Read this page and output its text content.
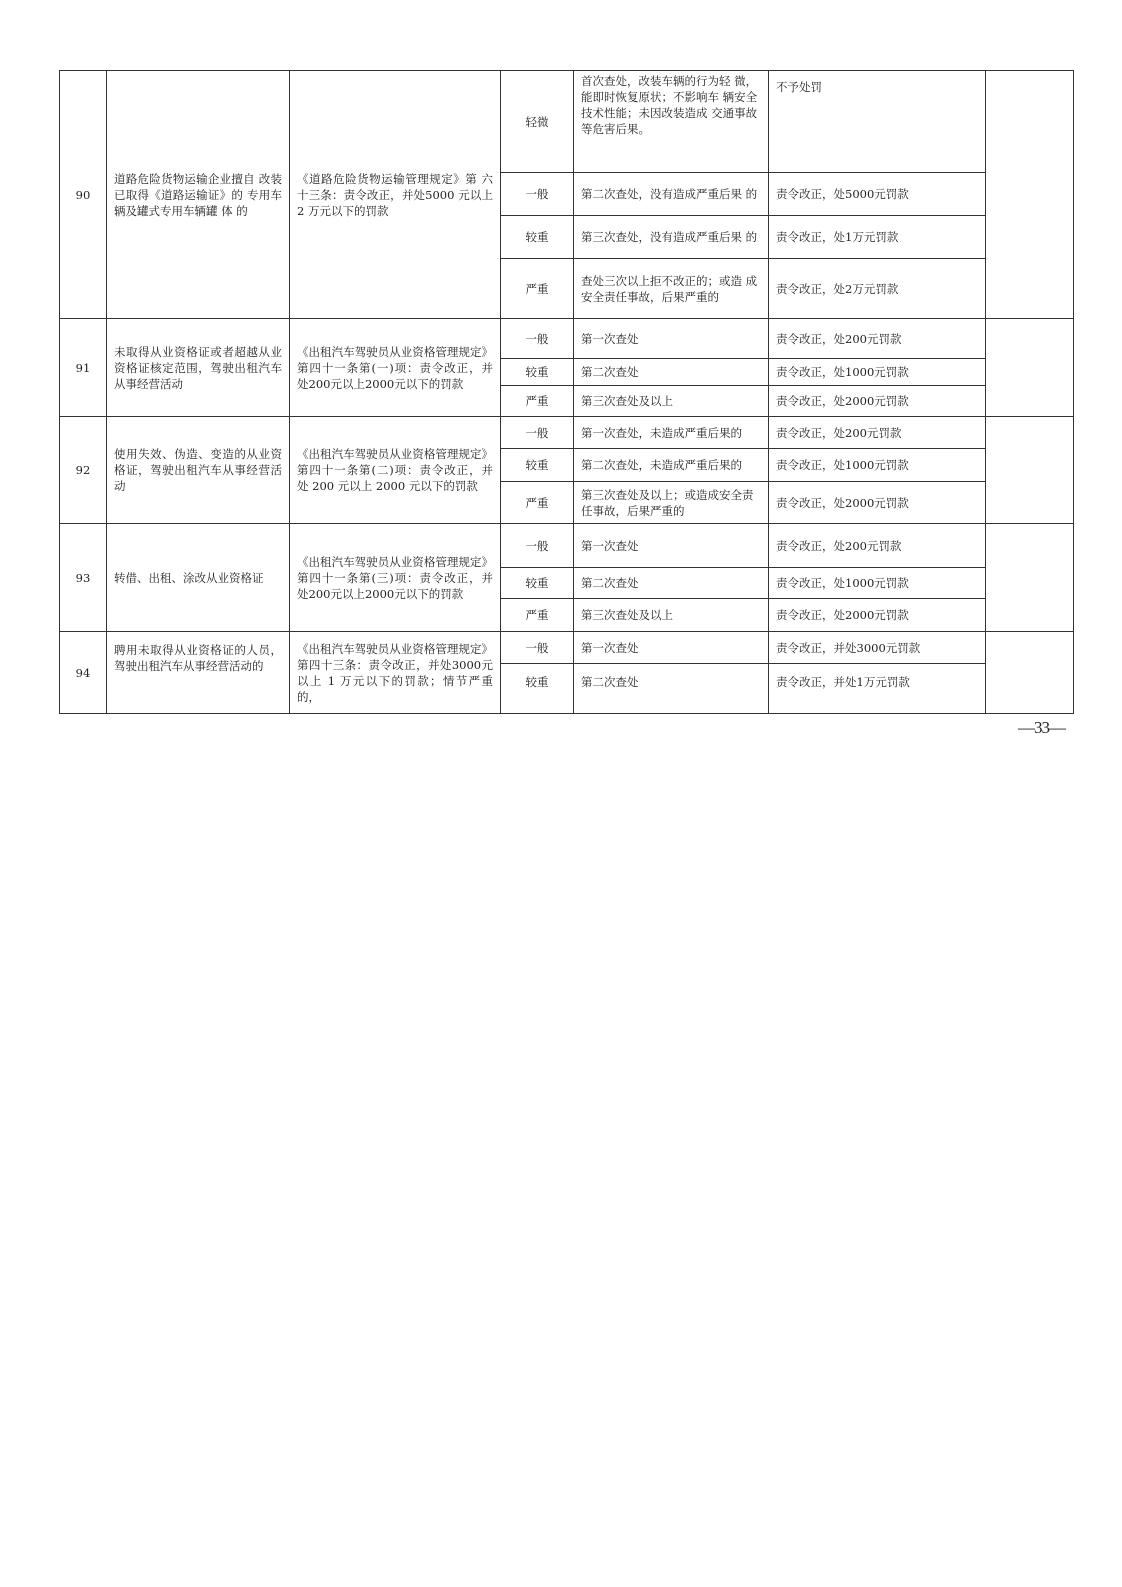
90	道路危险货物运输企业擅自 改装已取得《道路运输证》的 专用车辆及罐式专用车辆罐 体 的	《道路危险货物运输管理规定》第 六十三条：责令改正，并处5000 元以上 2 万元以下的罚款	轻微	首次查处，改装车辆的行为轻 微，能即时恢复原状；不影响车 辆安全技术性能；未因改装造成 交通事故等危害后果。	不予处罚	
			一般	第二次查处，没有造成严重后果 的	责令改正，处5000元罚款	
			较重	第三次查处，没有造成严重后果 的	责令改正，处1万元罚款	
			严重	查处三次以上拒不改正的；或造 成安全责任事故，后果严重的	责令改正，处2万元罚款	
91	未取得从业资格证或者超越从业资格证核定范围，驾驶出租汽车从事经营活动	《出租汽车驾驶员从业资格管理规定》 第四十一条第(一)项：责令改正，并 处200元以上2000元以下的罚款	一般	第一次查处	责令改正，处200元罚款	
			较重	第二次查处	责令改正，处1000元罚款	
			严重	第三次查处及以上	责令改正，处2000元罚款	
92	使用失效、伪造、变造的从业资格证，驾驶出租汽车从事经营活动	《出租汽车驾驶员从业资格管理规定》 第四十一条第(二)项：责令改正，并 处 200 元以上 2000 元以下的罚款	一般	第一次查处，未造成严重后果的	责令改正，处200元罚款	
			较重	第二次查处，未造成严重后果的	责令改正，处1000元罚款	
			严重	第三次查处及以上；或造成安全责任事故，后果严重的	责令改正，处2000元罚款	
93	转借、出租、涂改从业资格证	《出租汽车驾驶员从业资格管理规定》 第四十一条第(三)项：责令改正，并 处200元以上2000元以下的罚款	一般	第一次查处	责令改正，处200元罚款	
			较重	第二次查处	责令改正，处1000元罚款	
			严重	第三次查处及以上	责令改正，处2000元罚款	
94	聘用未取得从业资格证的人员，驾驶出租汽车从事经营活动的	《出租汽车驾驶员从业资格管理规定》 第四十三条：责令改正，并处3000元 以上 1 万元以下的罚款；情节严重的，	一般	第一次查处	责令改正，并处3000元罚款	
			较重	第二次查处	责令改正，并处1万元罚款	
—33—
